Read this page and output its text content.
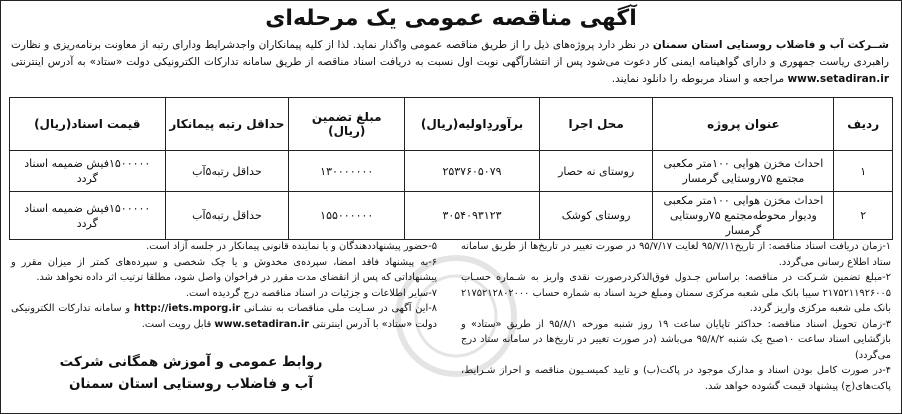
آگهی مناقصه عمومی یک مرحله‌ای
شــرکت آب و فاضلاب روستایی استان سمنان در نظر دارد پروژه‌های ذیل را از طریق مناقصه عمومی واگذار نماید. لذا از کلیه پیمانکاران واجدشرایط ودارای رتبه از معاونت برنامه‌ریزی و نظارت راهبردی ریاست جمهوری و دارای گواهینامه ایمنی کار دعوت می‌شود پس از انتشارآگهی نوبت اول نسبت به دریافت اسناد مناقصه از طریق سامانه تدارکات الکترونیکی دولت «ستاد» به آدرس اینترنتی www.setadiran.ir مراجعه و اسناد مربوطه را دانلود نمایند.
ردیف	عنوان پروژه	محل اجرا	برآوردِاولیه(ریال)	مبلغ تضمین (ریال)	حداقل رتبه پیمانکار	قیمت اسناد(ریال)
۱	احداث مخزن هوایی ۱۰۰متر مکعبی مجتمع ۷۵روستایی گرمسار	روستای نه حصار	۲۵۳۷۶۰۵۰۷۹	۱۳۰۰۰۰۰۰۰	حداقل رتبه۵آب	۱۵۰۰۰۰۰فیش ضمیمه اسناد گردد
۲	احداث مخزن هوایی ۱۰۰متر مکعبی ودیوار محوطه‌مجتمع ۷۵روستایی گرمسار	روستای کوشک	۳۰۵۴۰۹۳۱۲۳	۱۵۵۰۰۰۰۰۰	حداقل رتبه۵آب	۱۵۰۰۰۰۰فیش ضمیمه اسناد گردد

۱-زمان دریافت اسناد مناقصه: از تاریخ۹۵/۷/۱۱ لغایت ۹۵/۷/۱۷ در صورت تغییر در تاریخ‌ها از طریق سامانه ستاد اطلاع رسانی می‌گردد.

۲-مبلغ تضمین شـرکت در مناقصه: براساس جـدول فوق‌الذکردرصورت نقدی واریز به شـماره حسـاب ۲۱۷۵۲۱۱۹۲۶۰۰۵ سیبا بانک ملی شعبه مرکزی سمنان ومبلغ خرید اسناد به شماره حساب ۲۱۷۵۲۱۲۸۰۲۰۰۰ بانک ملی شعبه مرکزی واریز گردد.

۳-زمان تحویل اسناد مناقصه: حداکثر تاپایان ساعت ۱۹ روز شنبه مورخه ۹۵/۸/۱ از طریق «ستاد» و بازگشایی اسناد ساعت ۱۰صبح یک شنبه ۹۵/۸/۲ می‌باشد (در صورت تغییر در تاریخ‌ها در سامانه ستاد درج می‌گردد)

۴-در صورت کامل بودن اسناد و مدارک موجود در پاکت(ب) و تایید کمیسـیون مناقصه و احراز شـرایط، پاکت‌های(ج) پیشنهاد قیمت گشوده خواهد شد.

۵-حضور پیشنهاددهندگان و یا نماینده قانونی پیمانکار در جلسه آزاد است.

۶-به پیشنهاد فاقد امضا، سپرده‌ی مخدوش و یا چک شخصی و سپرده‌های کمتر از میزان مقرر و پیشنهاداتی که پس از انقضای مدت مقرر در فراخوان واصل شود، مطلقا ترتیب اثر داده نخواهد شد.

۷-سایر اطلاعات و جزئیات در اسناد مناقصه درج گردیده است.

۸-این آگهی در سـایت ملی مناقصات به نشـانی http://iets.mporg.ir و سامانه تدارکات الکترونیکی دولت «ستاد» با آدرس اینترنتی www.setadiran.ir قابل رویت است.

روابط عمومی و آموزش همگانی شرکت
آب و فاضلاب روستایی استان سمنان
